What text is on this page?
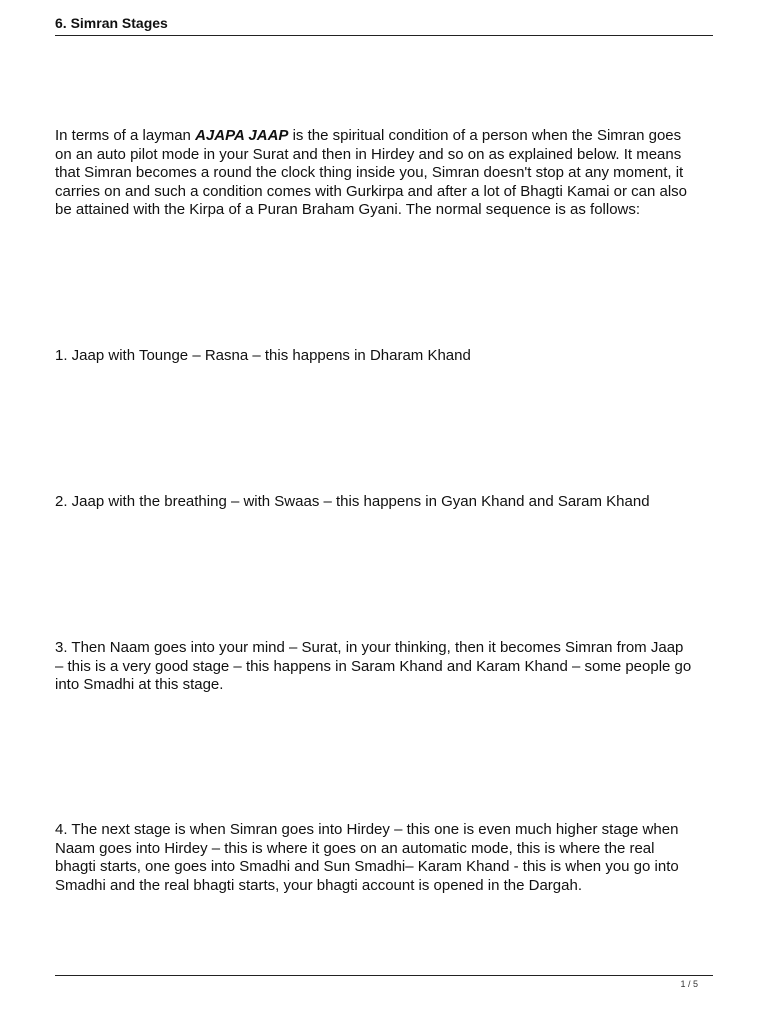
6. Simran Stages
In terms of a layman AJAPA JAAP is the spiritual condition of a person when the Simran goes
on an auto pilot mode in your Surat and then in Hirdey and so on as explained below. It means
that Simran becomes a round the clock thing inside you, Simran doesn't stop at any moment, it
carries on and such a condition comes with Gurkirpa and after a lot of Bhagti Kamai or can also
be attained with the Kirpa of a Puran Braham Gyani. The normal sequence is as follows:
1. Jaap with Tounge – Rasna – this happens in Dharam Khand
2. Jaap with the breathing – with Swaas – this happens in Gyan Khand and Saram Khand
3. Then Naam goes into your mind – Surat, in your thinking, then it becomes Simran from Jaap
– this is a very good stage – this happens in Saram Khand and Karam Khand – some people go
into Smadhi at this stage.
4. The next stage is when Simran goes into Hirdey – this one is even much higher stage when
Naam goes into Hirdey – this is where it goes on an automatic mode, this is where the real
bhagti starts, one goes into Smadhi and Sun Smadhi– Karam Khand - this is when you go into
Smadhi and the real bhagti starts, your bhagti account is opened in the Dargah.
1 / 5
